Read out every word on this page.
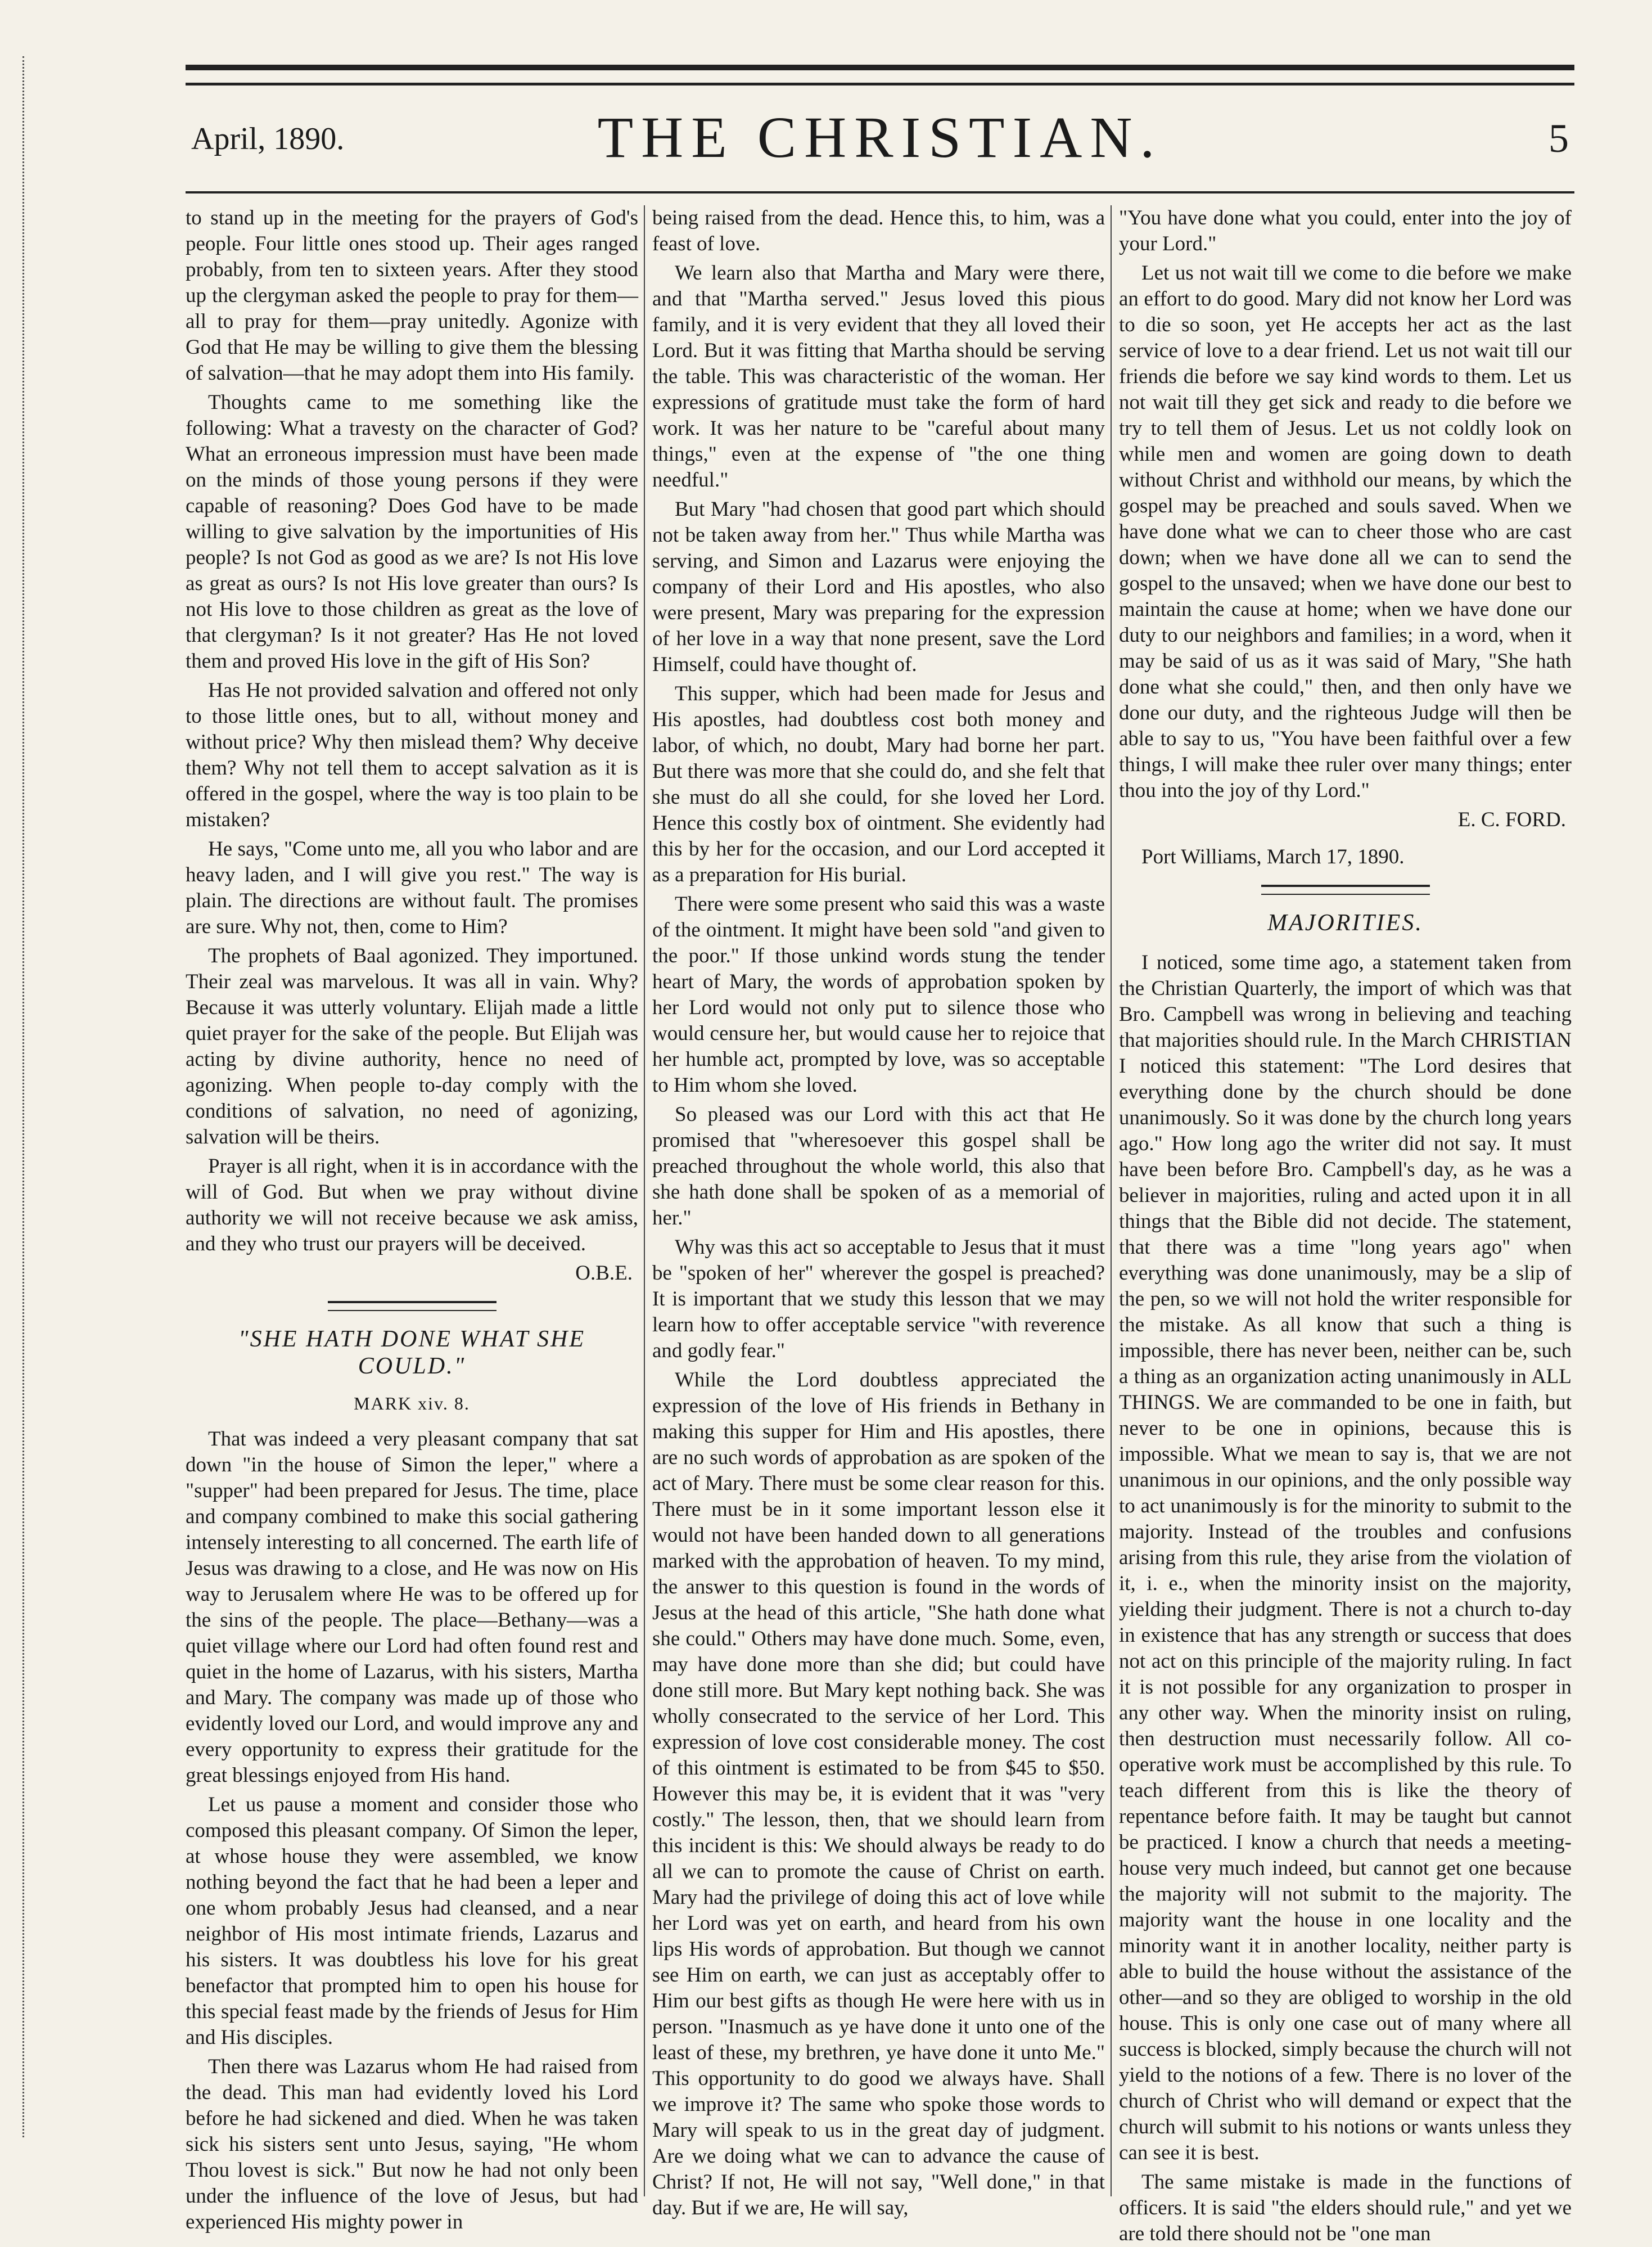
April, 1890.	THE CHRISTIAN.	5

to stand up in the meeting for the prayers of God's people. Four little ones stood up. Their ages ranged probably, from ten to sixteen years. After they stood up the clergyman asked the people to pray for them—all to pray for them—pray unitedly. Agonize with God that He may be willing to give them the blessing of salvation—that he may adopt them into His family.

Thoughts came to me something like the following: What a travesty on the character of God? What an erroneous impression must have been made on the minds of those young persons if they were capable of reasoning? Does God have to be made willing to give salvation by the importunities of His people? Is not God as good as we are? Is not His love as great as ours? Is not His love greater than ours? Is not His love to those children as great as the love of that clergyman? Is it not greater? Has He not loved them and proved His love in the gift of His Son?

Has He not provided salvation and offered not only to those little ones, but to all, without money and without price? Why then mislead them? Why deceive them? Why not tell them to accept salvation as it is offered in the gospel, where the way is too plain to be mistaken?

He says, "Come unto me, all you who labor and are heavy laden, and I will give you rest." The way is plain. The directions are without fault. The promises are sure. Why not, then, come to Him?

The prophets of Baal agonized. They importuned. Their zeal was marvelous. It was all in vain. Why? Because it was utterly voluntary. Elijah made a little quiet prayer for the sake of the people. But Elijah was acting by divine authority, hence no need of agonizing. When people to-day comply with the conditions of salvation, no need of agonizing, salvation will be theirs.

Prayer is all right, when it is in accordance with the will of God. But when we pray without divine authority we will not receive because we ask amiss, and they who trust our prayers will be deceived.

O.B.E.
"SHE HATH DONE WHAT SHE COULD."
MARK xiv. 8.

That was indeed a very pleasant company that sat down "in the house of Simon the leper," where a "supper" had been prepared for Jesus. The time, place and company combined to make this social gathering intensely interesting to all concerned. The earth life of Jesus was drawing to a close, and He was now on His way to Jerusalem where He was to be offered up for the sins of the people. The place—Bethany—was a quiet village where our Lord had often found rest and quiet in the home of Lazarus, with his sisters, Martha and Mary. The company was made up of those who evidently loved our Lord, and would improve any and every opportunity to express their gratitude for the great blessings enjoyed from His hand.

Let us pause a moment and consider those who composed this pleasant company. Of Simon the leper, at whose house they were assembled, we know nothing beyond the fact that he had been a leper and one whom probably Jesus had cleansed, and a near neighbor of His most intimate friends, Lazarus and his sisters. It was doubtless his love for his great benefactor that prompted him to open his house for this special feast made by the friends of Jesus for Him and His disciples.

Then there was Lazarus whom He had raised from the dead. This man had evidently loved his Lord before he had sickened and died. When he was taken sick his sisters sent unto Jesus, saying, "He whom Thou lovest is sick." But now he had not only been under the influence of the love of Jesus, but had experienced His mighty power in

being raised from the dead. Hence this, to him, was a feast of love.

We learn also that Martha and Mary were there, and that "Martha served." Jesus loved this pious family, and it is very evident that they all loved their Lord. But it was fitting that Martha should be serving the table. This was characteristic of the woman. Her expressions of gratitude must take the form of hard work. It was her nature to be "careful about many things," even at the expense of "the one thing needful."

But Mary "had chosen that good part which should not be taken away from her." Thus while Martha was serving, and Simon and Lazarus were enjoying the company of their Lord and His apostles, who also were present, Mary was preparing for the expression of her love in a way that none present, save the Lord Himself, could have thought of.

This supper, which had been made for Jesus and His apostles, had doubtless cost both money and labor, of which, no doubt, Mary had borne her part. But there was more that she could do, and she felt that she must do all she could, for she loved her Lord. Hence this costly box of ointment. She evidently had this by her for the occasion, and our Lord accepted it as a preparation for His burial.

There were some present who said this was a waste of the ointment. It might have been sold "and given to the poor." If those unkind words stung the tender heart of Mary, the words of approbation spoken by her Lord would not only put to silence those who would censure her, but would cause her to rejoice that her humble act, prompted by love, was so acceptable to Him whom she loved.

So pleased was our Lord with this act that He promised that "wheresoever this gospel shall be preached throughout the whole world, this also that she hath done shall be spoken of as a memorial of her."

Why was this act so acceptable to Jesus that it must be "spoken of her" wherever the gospel is preached? It is important that we study this lesson that we may learn how to offer acceptable service "with reverence and godly fear."

While the Lord doubtless appreciated the expression of the love of His friends in Bethany in making this supper for Him and His apostles, there are no such words of approbation as are spoken of the act of Mary. There must be some clear reason for this. There must be in it some important lesson else it would not have been handed down to all generations marked with the approbation of heaven. To my mind, the answer to this question is found in the words of Jesus at the head of this article, "She hath done what she could." Others may have done much. Some, even, may have done more than she did; but could have done still more. But Mary kept nothing back. She was wholly consecrated to the service of her Lord. This expression of love cost considerable money. The cost of this ointment is estimated to be from $45 to $50. However this may be, it is evident that it was "very costly." The lesson, then, that we should learn from this incident is this: We should always be ready to do all we can to promote the cause of Christ on earth. Mary had the privilege of doing this act of love while her Lord was yet on earth, and heard from his own lips His words of approbation. But though we cannot see Him on earth, we can just as acceptably offer to Him our best gifts as though He were here with us in person. "Inasmuch as ye have done it unto one of the least of these, my brethren, ye have done it unto Me." This opportunity to do good we always have. Shall we improve it? The same who spoke those words to Mary will speak to us in the great day of judgment. Are we doing what we can to advance the cause of Christ? If not, He will not say, "Well done," in that day. But if we are, He will say,

"You have done what you could, enter into the joy of your Lord."

Let us not wait till we come to die before we make an effort to do good. Mary did not know her Lord was to die so soon, yet He accepts her act as the last service of love to a dear friend. Let us not wait till our friends die before we say kind words to them. Let us not wait till they get sick and ready to die before we try to tell them of Jesus. Let us not coldly look on while men and women are going down to death without Christ and withhold our means, by which the gospel may be preached and souls saved. When we have done what we can to cheer those who are cast down; when we have done all we can to send the gospel to the unsaved; when we have done our best to maintain the cause at home; when we have done our duty to our neighbors and families; in a word, when it may be said of us as it was said of Mary, "She hath done what she could," then, and then only have we done our duty, and the righteous Judge will then be able to say to us, "You have been faithful over a few things, I will make thee ruler over many things; enter thou into the joy of thy Lord."

E. C. FORD.
Port Williams, March 17, 1890.
MAJORITIES.

I noticed, some time ago, a statement taken from the Christian Quarterly, the import of which was that Bro. Campbell was wrong in believing and teaching that majorities should rule. In the March CHRISTIAN I noticed this statement: "The Lord desires that everything done by the church should be done unanimously. So it was done by the church long years ago." How long ago the writer did not say. It must have been before Bro. Campbell's day, as he was a believer in majorities, ruling and acted upon it in all things that the Bible did not decide. The statement, that there was a time "long years ago" when everything was done unanimously, may be a slip of the pen, so we will not hold the writer responsible for the mistake. As all know that such a thing is impossible, there has never been, neither can be, such a thing as an organization acting unanimously in ALL THINGS. We are commanded to be one in faith, but never to be one in opinions, because this is impossible. What we mean to say is, that we are not unanimous in our opinions, and the only possible way to act unanimously is for the minority to submit to the majority. Instead of the troubles and confusions arising from this rule, they arise from the violation of it, i. e., when the minority insist on the majority, yielding their judgment. There is not a church to-day in existence that has any strength or success that does not act on this principle of the majority ruling. In fact it is not possible for any organization to prosper in any other way. When the minority insist on ruling, then destruction must necessarily follow. All co-operative work must be accomplished by this rule. To teach different from this is like the theory of repentance before faith. It may be taught but cannot be practiced. I know a church that needs a meeting-house very much indeed, but cannot get one because the majority will not submit to the majority. The majority want the house in one locality and the minority want it in another locality, neither party is able to build the house without the assistance of the other—and so they are obliged to worship in the old house. This is only one case out of many where all success is blocked, simply because the church will not yield to the notions of a few. There is no lover of the church of Christ who will demand or expect that the church will submit to his notions or wants unless they can see it is best.

The same mistake is made in the functions of officers. It is said "the elders should rule," and yet we are told there should not be "one man
